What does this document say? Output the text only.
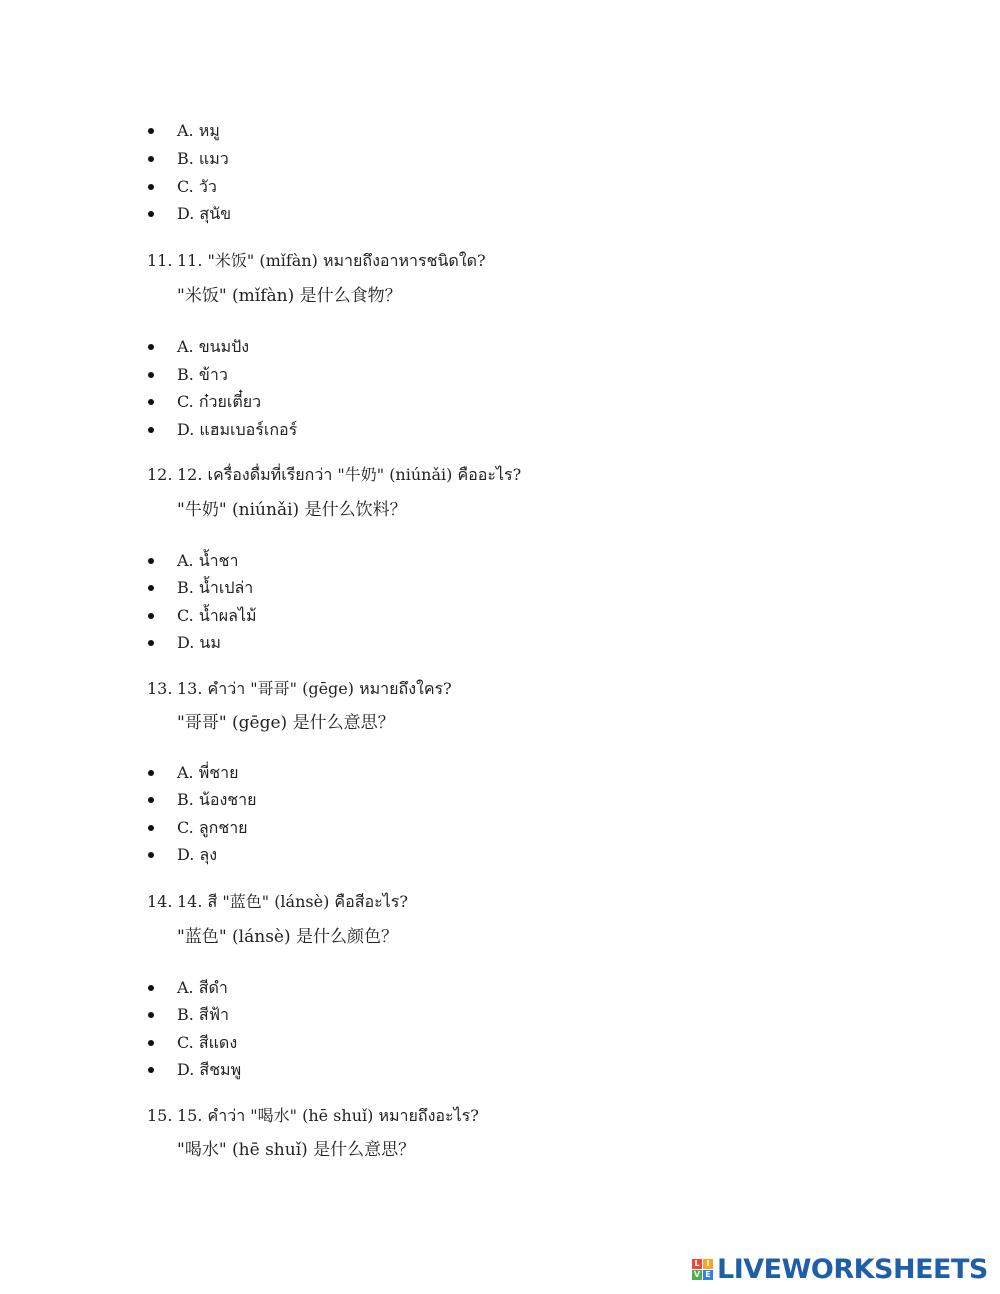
A. หมู
B. แมว
C. วัว
D. สุนัข
11. 11. "米饭" (mǐfàn) หมายถึงอาหารชนิดใด?
"米饭" (mǐfàn) 是什么食物？
A. ขนมปัง
B. ข้าว
C. ก๋วยเตี๋ยว
D. แฮมเบอร์เกอร์
12. 12. เครื่องดื่มที่เรียกว่า "牛奶" (niúnǎi) คืออะไร?
"牛奶" (niúnǎi) 是什么饮料？
A. น้ำชา
B. น้ำเปล่า
C. น้ำผลไม้
D. นม
13. 13. คำว่า "哥哥" (gēge) หมายถึงใคร?
"哥哥" (gēge) 是什么意思？
A. พี่ชาย
B. น้องชาย
C. ลูกชาย
D. ลุง
14. 14. สี "蓝色" (lánsè) คือสีอะไร?
"蓝色" (lánsè) 是什么颜色？
A. สีดำ
B. สีฟ้า
C. สีแดง
D. สีชมพู
15. 15. คำว่า "喝水" (hē shuǐ) หมายถึงอะไร?
"喝水" (hē shuǐ) 是什么意思？
L I
V E LIVEWORKSHEETS
